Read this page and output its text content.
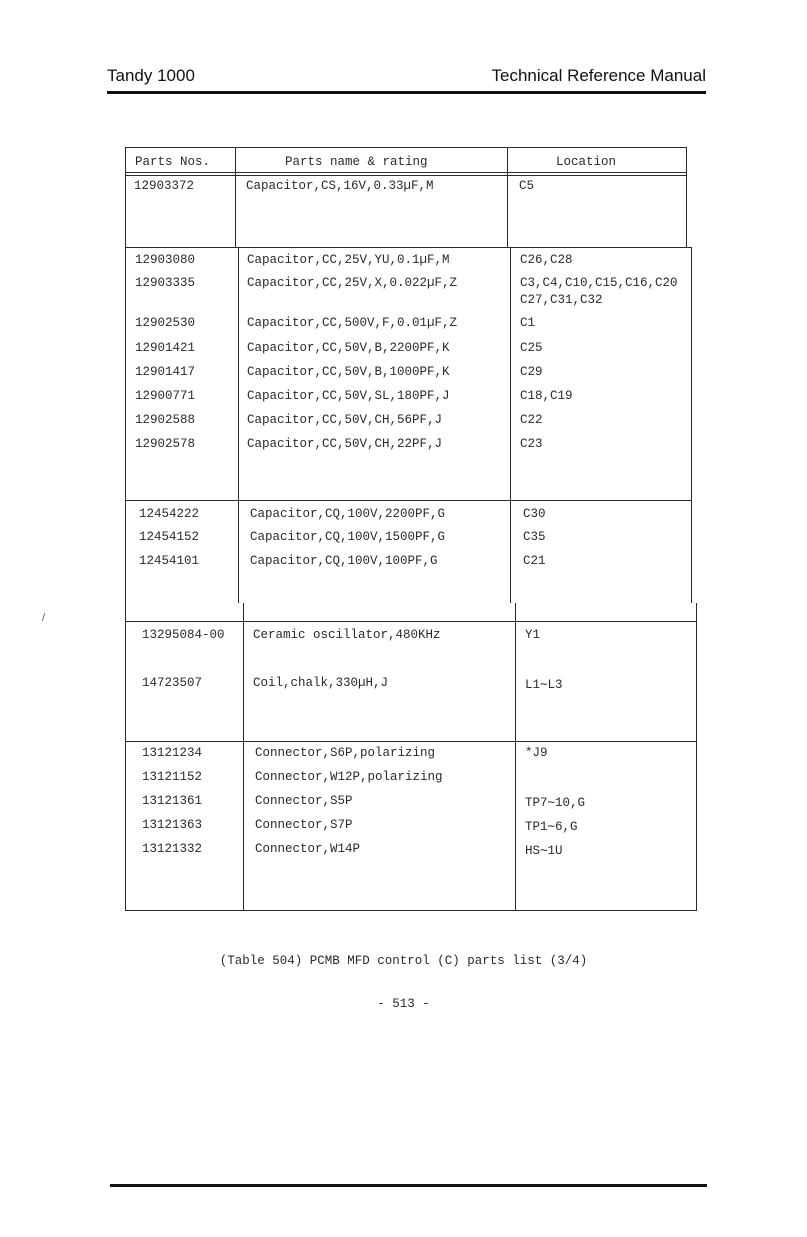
Tandy 1000	Technical Reference Manual
/
Parts Nos.	Parts name & rating	Location
12903372	Capacitor,CS,16V,0.33µF,M	C5
12903080	Capacitor,CC,25V,YU,0.1µF,M	C26,C28
12903335	Capacitor,CC,25V,X,0.022µF,Z	C3,C4,C10,C15,C16,C20
C27,C31,C32
12902530	Capacitor,CC,500V,F,0.01µF,Z	C1
12901421	Capacitor,CC,50V,B,2200PF,K	C25
12901417	Capacitor,CC,50V,B,1000PF,K	C29
12900771	Capacitor,CC,50V,SL,180PF,J	C18,C19
12902588	Capacitor,CC,50V,CH,56PF,J	C22
12902578	Capacitor,CC,50V,CH,22PF,J	C23
12454222	Capacitor,CQ,100V,2200PF,G	C30
12454152	Capacitor,CQ,100V,1500PF,G	C35
12454101	Capacitor,CQ,100V,100PF,G	C21
13295084-00 Ceramic oscillator,480KHz	Y1
14723507	Coil,chalk,330µH,J	L1∼L3
13121234	Connector,S6P,polarizing	*J9
13121152	Connector,W12P,polarizing
13121361	Connector,S5P	TP7∼10,G
13121363	Connector,S7P	TP1∼6,G
13121332	Connector,W14P	HS∼1U
(Table 504) PCMB MFD control (C) parts list (3/4)
- 513 -
